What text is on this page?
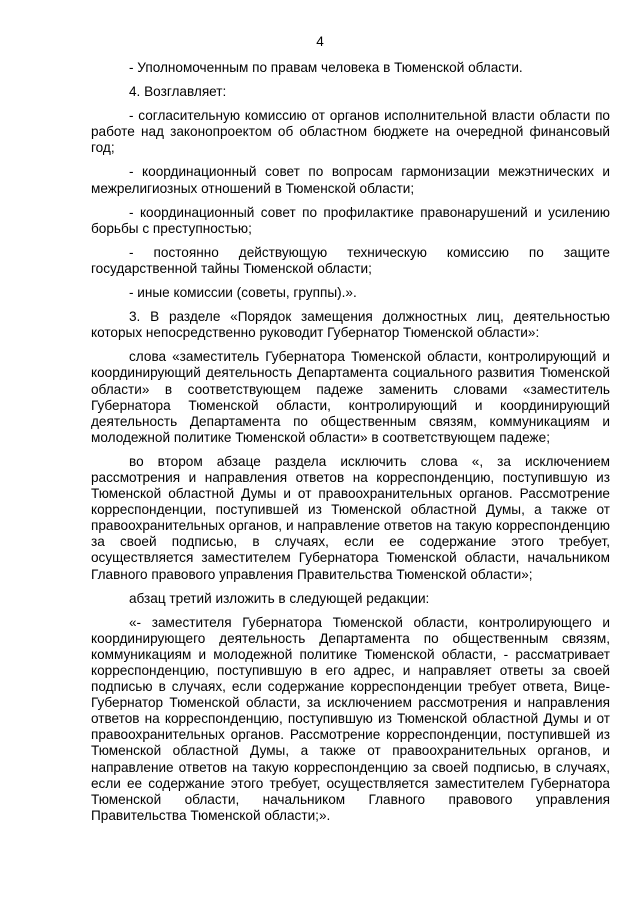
4

- Уполномоченным по правам человека в Тюменской области.

4. Возглавляет:

- согласительную комиссию от органов исполнительной власти области по работе над законопроектом об областном бюджете на очередной финансовый год;

- координационный совет по вопросам гармонизации межэтнических и межрелигиозных отношений в Тюменской области;

- координационный совет по профилактике правонарушений и усилению борьбы с преступностью;

- постоянно действующую техническую комиссию по защите государственной тайны Тюменской области;

- иные комиссии (советы, группы).».

3. В разделе «Порядок замещения должностных лиц, деятельностью которых непосредственно руководит Губернатор Тюменской области»:

слова «заместитель Губернатора Тюменской области, контролирующий и координирующий деятельность Департамента социального развития Тюменской области» в соответствующем падеже заменить словами «заместитель Губернатора Тюменской области, контролирующий и координирующий деятельность Департамента по общественным связям, коммуникациям и молодежной политике Тюменской области» в соответствующем падеже;

во втором абзаце раздела исключить слова «, за исключением рассмотрения и направления ответов на корреспонденцию, поступившую из Тюменской областной Думы и от правоохранительных органов. Рассмотрение корреспонденции, поступившей из Тюменской областной Думы, а также от правоохранительных органов, и направление ответов на такую корреспонденцию за своей подписью, в случаях, если ее содержание этого требует, осуществляется заместителем Губернатора Тюменской области, начальником Главного правового управления Правительства Тюменской области»;

абзац третий изложить в следующей редакции:

«- заместителя Губернатора Тюменской области, контролирующего и координирующего деятельность Департамента по общественным связям, коммуникациям и молодежной политике Тюменской области, - рассматривает корреспонденцию, поступившую в его адрес, и направляет ответы за своей подписью в случаях, если содержание корреспонденции требует ответа, Вице-Губернатор Тюменской области, за исключением рассмотрения и направления ответов на корреспонденцию, поступившую из Тюменской областной Думы и от правоохранительных органов. Рассмотрение корреспонденции, поступившей из Тюменской областной Думы, а также от правоохранительных органов, и направление ответов на такую корреспонденцию за своей подписью, в случаях, если ее содержание этого требует, осуществляется заместителем Губернатора Тюменской области, начальником Главного правового управления Правительства Тюменской области;».
